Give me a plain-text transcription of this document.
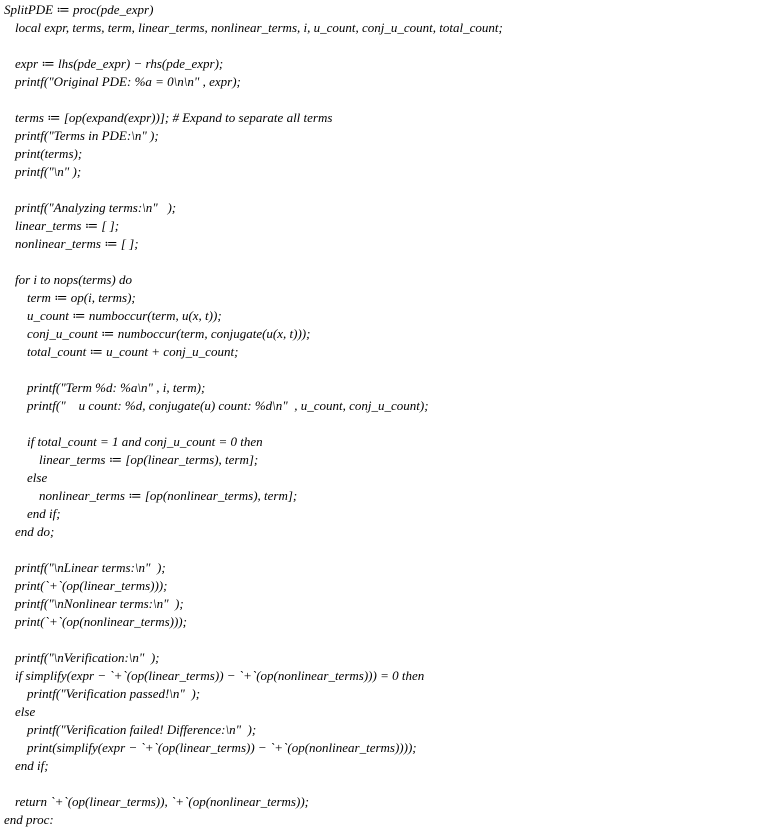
SplitPDE ≔ proc(pde_expr)
local expr, terms, term, linear_terms, nonlinear_terms, i, u_count, conj_u_count, total_count;
expr ≔ lhs(pde_expr) − rhs(pde_expr);
printf("Original PDE: %a = 0\n\n" , expr);
terms ≔ [op(expand(expr))]; # Expand to separate all terms
printf("Terms in PDE:\n" );
print(terms);
printf("\n" );
printf("Analyzing terms:\n"   );
linear_terms ≔ [ ];
nonlinear_terms ≔ [ ];
for i to nops(terms) do
term ≔ op(i, terms);
u_count ≔ numboccur(term, u(x, t));
conj_u_count ≔ numboccur(term, conjugate(u(x, t)));
total_count ≔ u_count + conj_u_count;
printf("Term %d: %a\n" , i, term);
printf("    u count: %d, conjugate(u) count: %d\n"  , u_count, conj_u_count);
if total_count = 1 and conj_u_count = 0 then
linear_terms ≔ [op(linear_terms), term];
else
nonlinear_terms ≔ [op(nonlinear_terms), term];
end if;
end do;
printf("\nLinear terms:\n"  );
print(`+`(op(linear_terms)));
printf("\nNonlinear terms:\n"  );
print(`+`(op(nonlinear_terms)));
printf("\nVerification:\n"  );
if simplify(expr − `+`(op(linear_terms)) − `+`(op(nonlinear_terms))) = 0 then
printf("Verification passed!\n"  );
else
printf("Verification failed! Difference:\n"  );
print(simplify(expr − `+`(op(linear_terms)) − `+`(op(nonlinear_terms))));
end if;
return `+`(op(linear_terms)), `+`(op(nonlinear_terms));
end proc:
